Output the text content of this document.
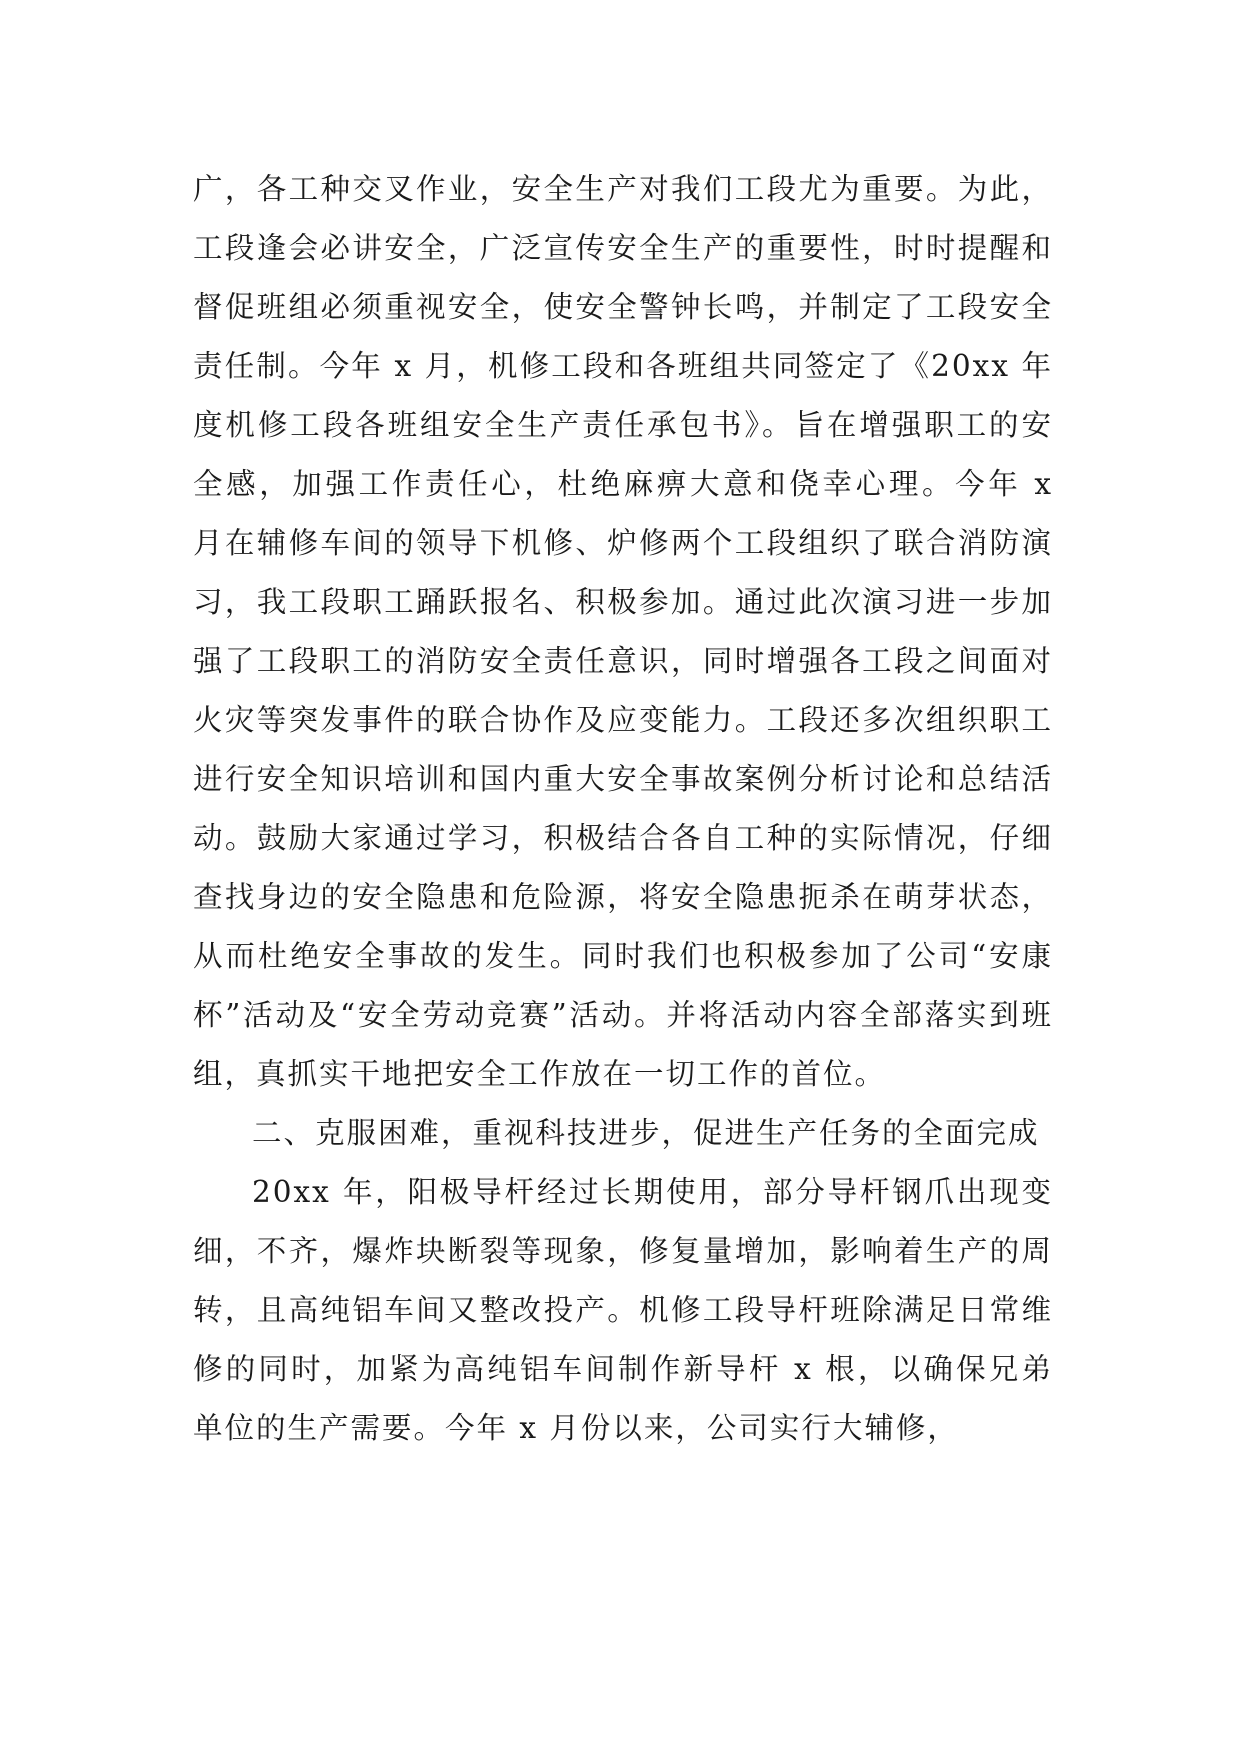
广，各工种交叉作业，安全生产对我们工段尤为重要。为此，工段逢会必讲安全，广泛宣传安全生产的重要性，时时提醒和督促班组必须重视安全，使安全警钟长鸣，并制定了工段安全责任制。今年 x 月，机修工段和各班组共同签定了《20xx 年度机修工段各班组安全生产责任承包书》。旨在增强职工的安全感，加强工作责任心，杜绝麻痹大意和侥幸心理。今年 x 月在辅修车间的领导下机修、炉修两个工段组织了联合消防演习，我工段职工踊跃报名、积极参加。通过此次演习进一步加强了工段职工的消防安全责任意识，同时增强各工段之间面对火灾等突发事件的联合协作及应变能力。工段还多次组织职工进行安全知识培训和国内重大安全事故案例分析讨论和总结活动。鼓励大家通过学习，积极结合各自工种的实际情况，仔细查找身边的安全隐患和危险源，将安全隐患扼杀在萌芽状态，从而杜绝安全事故的发生。同时我们也积极参加了公司“安康杯”活动及“安全劳动竞赛”活动。并将活动内容全部落实到班组，真抓实干地把安全工作放在一切工作的首位。

二、克服困难，重视科技进步，促进生产任务的全面完成

20xx 年，阳极导杆经过长期使用，部分导杆钢爪出现变细，不齐，爆炸块断裂等现象，修复量增加，影响着生产的周转，且高纯铝车间又整改投产。机修工段导杆班除满足日常维修的同时，加紧为高纯铝车间制作新导杆 x 根，以确保兄弟单位的生产需要。今年 x 月份以来，公司实行大辅修，
